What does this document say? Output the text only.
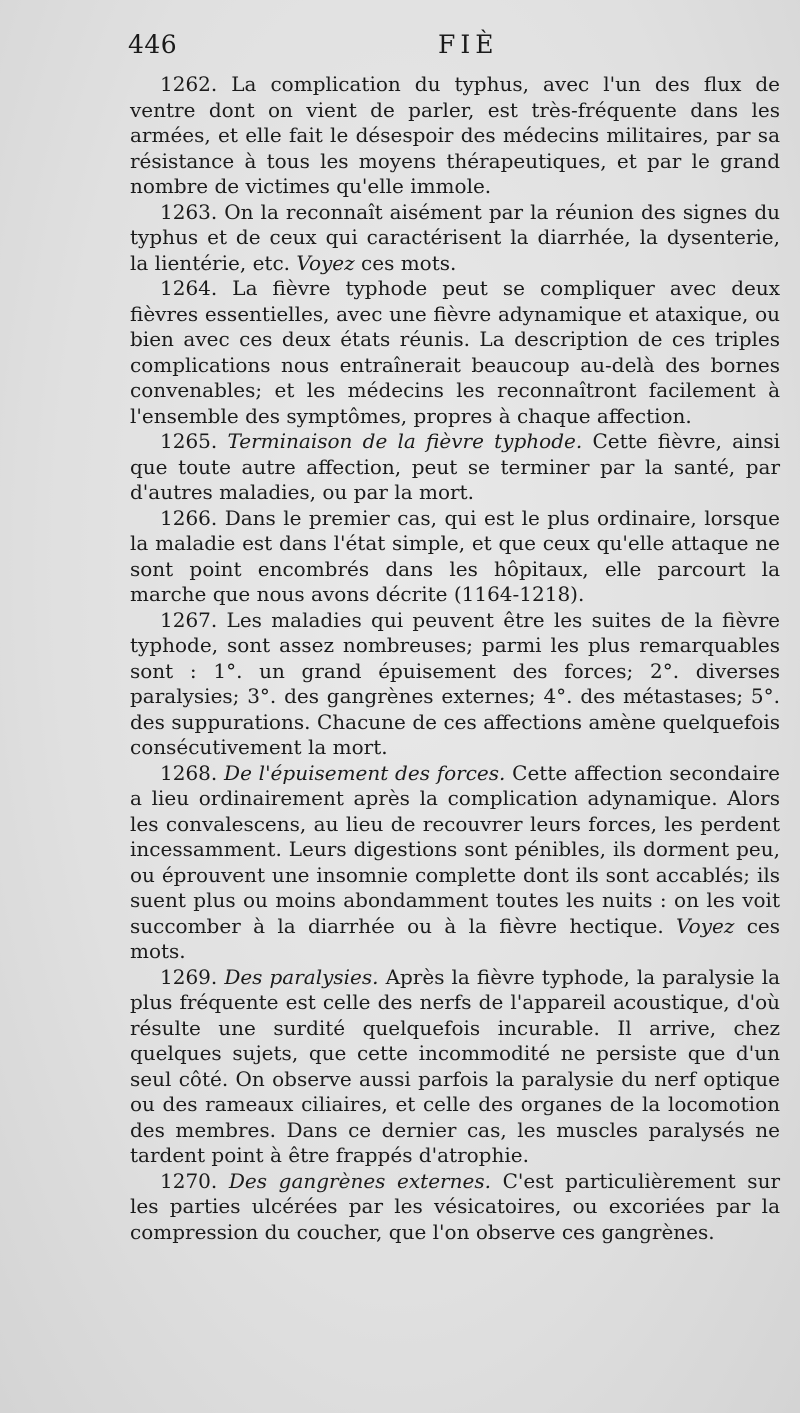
446	FIÈ

1262. La complication du typhus, avec l'un des flux de ventre dont on vient de parler, est très-fréquente dans les armées, et elle fait le désespoir des médecins militaires, par sa résistance à tous les moyens thérapeutiques, et par le grand nombre de victimes qu'elle immole.

1263. On la reconnaît aisément par la réunion des signes du typhus et de ceux qui caractérisent la diarrhée, la dysenterie, la lientérie, etc. Voyez ces mots.

1264. La fièvre typhode peut se compliquer avec deux fièvres essentielles, avec une fièvre adynamique et ataxique, ou bien avec ces deux états réunis. La description de ces triples complications nous entraînerait beaucoup au-delà des bornes convenables; et les médecins les reconnaîtront facilement à l'ensemble des symptômes, propres à chaque affection.

1265. Terminaison de la fièvre typhode. Cette fièvre, ainsi que toute autre affection, peut se terminer par la santé, par d'autres maladies, ou par la mort.

1266. Dans le premier cas, qui est le plus ordinaire, lorsque la maladie est dans l'état simple, et que ceux qu'elle attaque ne sont point encombrés dans les hôpitaux, elle parcourt la marche que nous avons décrite (1164-1218).

1267. Les maladies qui peuvent être les suites de la fièvre typhode, sont assez nombreuses; parmi les plus remarquables sont : 1°. un grand épuisement des forces; 2°. diverses paralysies; 3°. des gangrènes externes; 4°. des métastases; 5°. des suppurations. Chacune de ces affections amène quelquefois consécutivement la mort.

1268. De l'épuisement des forces. Cette affection secondaire a lieu ordinairement après la complication adynamique. Alors les convalescens, au lieu de recouvrer leurs forces, les perdent incessamment. Leurs digestions sont pénibles, ils dorment peu, ou éprouvent une insomnie complette dont ils sont accablés; ils suent plus ou moins abondamment toutes les nuits : on les voit succomber à la diarrhée ou à la fièvre hectique. Voyez ces mots.

1269. Des paralysies. Après la fièvre typhode, la paralysie la plus fréquente est celle des nerfs de l'appareil acoustique, d'où résulte une surdité quelquefois incurable. Il arrive, chez quelques sujets, que cette incommodité ne persiste que d'un seul côté. On observe aussi parfois la paralysie du nerf optique ou des rameaux ciliaires, et celle des organes de la locomotion des membres. Dans ce dernier cas, les muscles paralysés ne tardent point à être frappés d'atrophie.

1270. Des gangrènes externes. C'est particulièrement sur les parties ulcérées par les vésicatoires, ou excoriées par la compression du coucher, que l'on observe ces gangrènes.
